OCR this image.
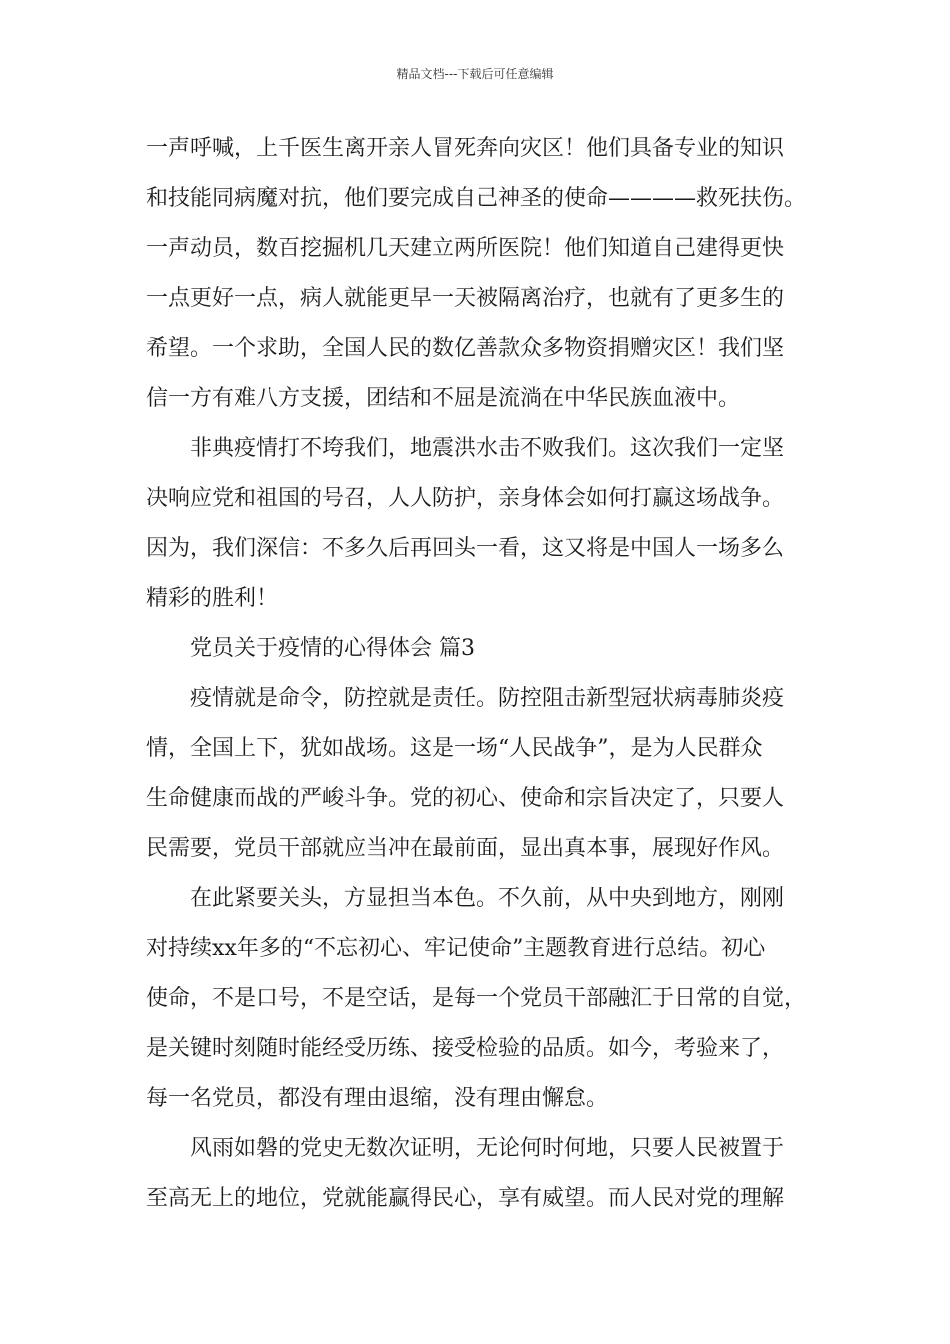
精品文档---下载后可任意编辑
一声呼喊，上千医生离开亲人冒死奔向灾区！他们具备专业的知识
和技能同病魔对抗，他们要完成自己神圣的使命————救死扶伤。
一声动员，数百挖掘机几天建立两所医院！他们知道自己建得更快
一点更好一点，病人就能更早一天被隔离治疗，也就有了更多生的
希望。一个求助，全国人民的数亿善款众多物资捐赠灾区！我们坚
信一方有难八方支援，团结和不屈是流淌在中华民族血液中。
非典疫情打不垮我们，地震洪水击不败我们。这次我们一定坚
决响应党和祖国的号召，人人防护，亲身体会如何打赢这场战争。
因为，我们深信：不多久后再回头一看，这又将是中国人一场多么
精彩的胜利！
党员关于疫情的心得体会 篇3
疫情就是命令，防控就是责任。防控阻击新型冠状病毒肺炎疫
情，全国上下，犹如战场。这是一场“人民战争”，是为人民群众
生命健康而战的严峻斗争。党的初心、使命和宗旨决定了，只要人
民需要，党员干部就应当冲在最前面，显出真本事，展现好作风。
在此紧要关头，方显担当本色。不久前，从中央到地方，刚刚
对持续xx年多的“不忘初心、牢记使命”主题教育进行总结。初心
使命，不是口号，不是空话，是每一个党员干部融汇于日常的自觉，
是关键时刻随时能经受历练、接受检验的品质。如今，考验来了，
每一名党员，都没有理由退缩，没有理由懈怠。
风雨如磐的党史无数次证明，无论何时何地，只要人民被置于
至高无上的地位，党就能赢得民心，享有威望。而人民对党的理解
